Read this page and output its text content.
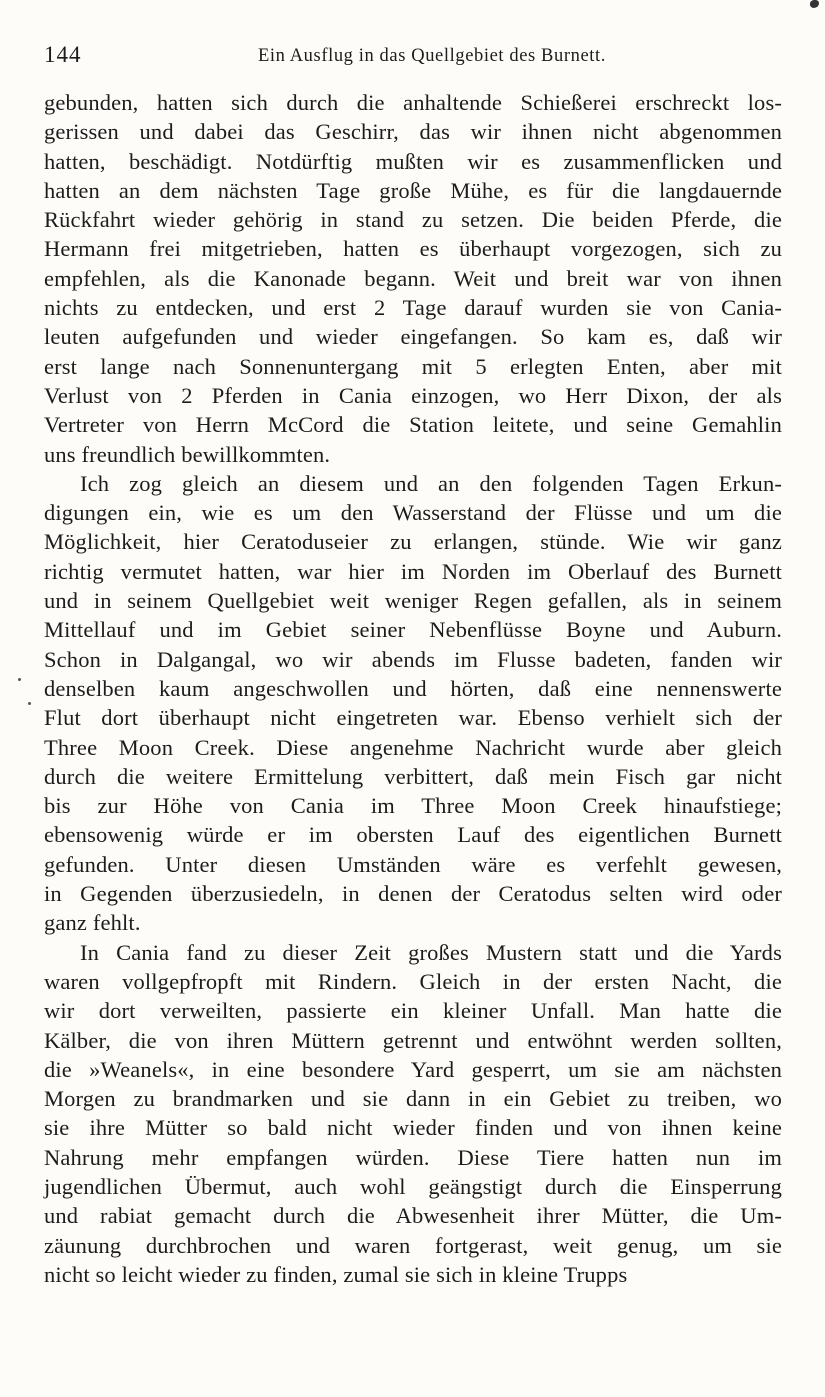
144	Ein Ausflug in das Quellgebiet des Burnett.
gebunden, hatten sich durch die anhaltende Schießerei erschreckt los-
gerissen und dabei das Geschirr, das wir ihnen nicht abgenommen
hatten, beschädigt. Notdürftig mußten wir es zusammenflicken und
hatten an dem nächsten Tage große Mühe, es für die langdauernde
Rückfahrt wieder gehörig in stand zu setzen. Die beiden Pferde, die
Hermann frei mitgetrieben, hatten es überhaupt vorgezogen, sich zu
empfehlen, als die Kanonade begann. Weit und breit war von ihnen
nichts zu entdecken, und erst 2 Tage darauf wurden sie von Cania-
leuten aufgefunden und wieder eingefangen. So kam es, daß wir
erst lange nach Sonnenuntergang mit 5 erlegten Enten, aber mit
Verlust von 2 Pferden in Cania einzogen, wo Herr Dixon, der als
Vertreter von Herrn McCord die Station leitete, und seine Gemahlin
uns freundlich bewillkommten.
Ich zog gleich an diesem und an den folgenden Tagen Erkun-
digungen ein, wie es um den Wasserstand der Flüsse und um die
Möglichkeit, hier Ceratoduseier zu erlangen, stünde. Wie wir ganz
richtig vermutet hatten, war hier im Norden im Oberlauf des Burnett
und in seinem Quellgebiet weit weniger Regen gefallen, als in seinem
Mittellauf und im Gebiet seiner Nebenflüsse Boyne und Auburn.
Schon in Dalgangal, wo wir abends im Flusse badeten, fanden wir
denselben kaum angeschwollen und hörten, daß eine nennenswerte
Flut dort überhaupt nicht eingetreten war. Ebenso verhielt sich der
Three Moon Creek. Diese angenehme Nachricht wurde aber gleich
durch die weitere Ermittelung verbittert, daß mein Fisch gar nicht
bis zur Höhe von Cania im Three Moon Creek hinaufstiege;
ebensowenig würde er im obersten Lauf des eigentlichen Burnett
gefunden. Unter diesen Umständen wäre es verfehlt gewesen,
in Gegenden überzusiedeln, in denen der Ceratodus selten wird oder
ganz fehlt.
In Cania fand zu dieser Zeit großes Mustern statt und die Yards
waren vollgepfropft mit Rindern. Gleich in der ersten Nacht, die
wir dort verweilten, passierte ein kleiner Unfall. Man hatte die
Kälber, die von ihren Müttern getrennt und entwöhnt werden sollten,
die »Weanels«, in eine besondere Yard gesperrt, um sie am nächsten
Morgen zu brandmarken und sie dann in ein Gebiet zu treiben, wo
sie ihre Mütter so bald nicht wieder finden und von ihnen keine
Nahrung mehr empfangen würden. Diese Tiere hatten nun im
jugendlichen Übermut, auch wohl geängstigt durch die Einsperrung
und rabiat gemacht durch die Abwesenheit ihrer Mütter, die Um-
zäunung durchbrochen und waren fortgerast, weit genug, um sie
nicht so leicht wieder zu finden, zumal sie sich in kleine Trupps
